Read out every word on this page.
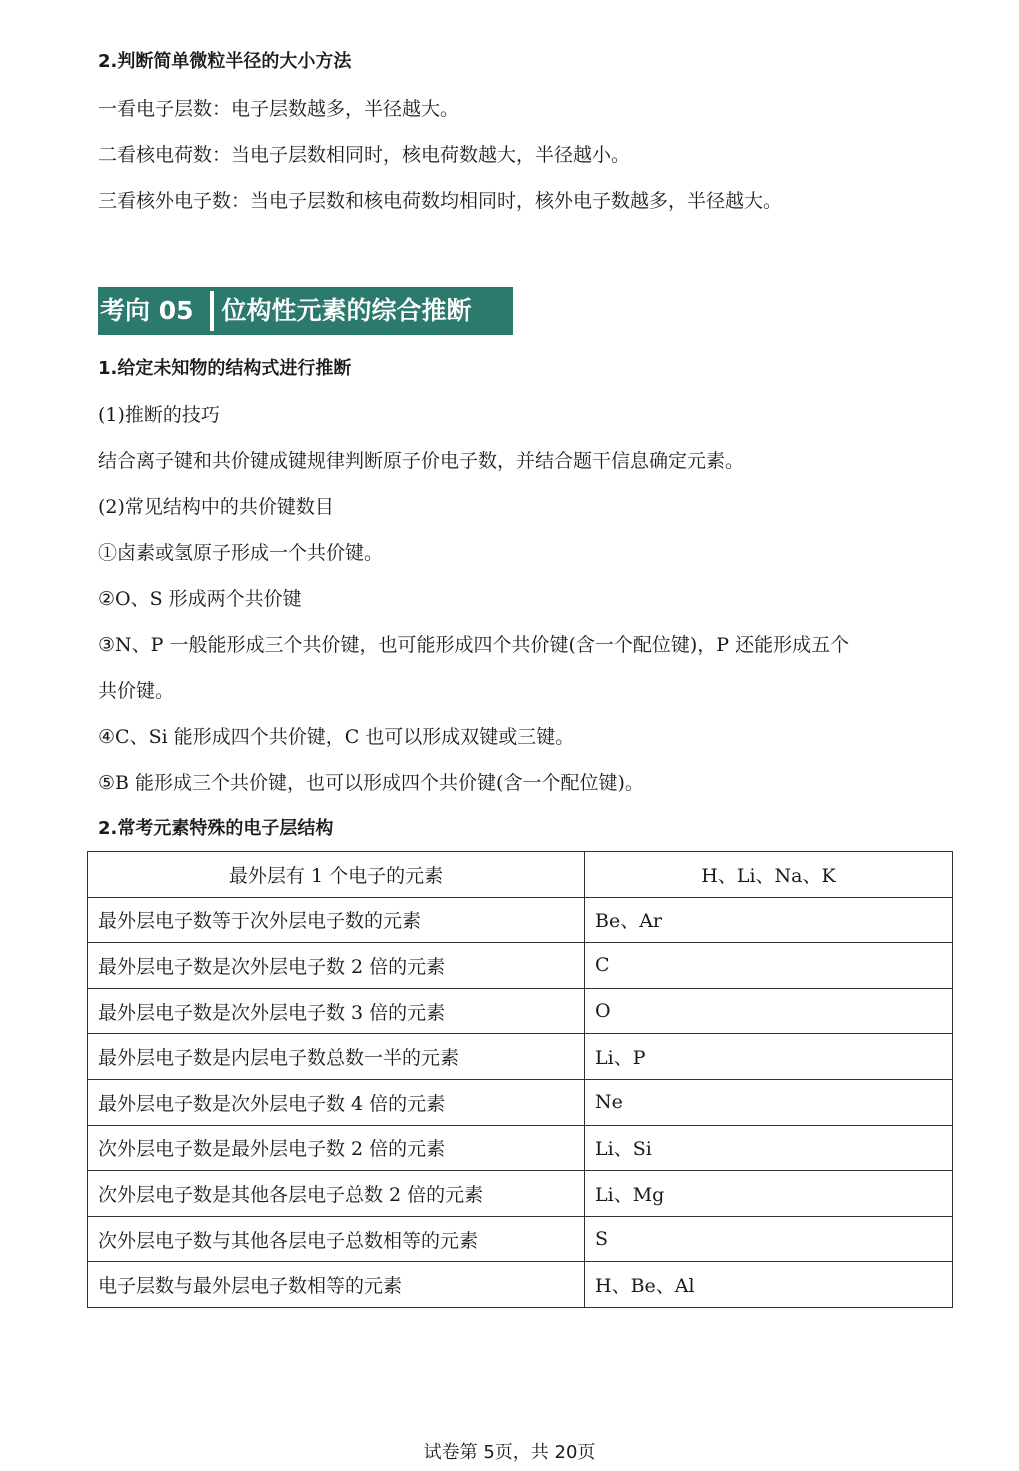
2.判断简单微粒半径的大小方法
一看电子层数：电子层数越多，半径越大。
二看核电荷数：当电子层数相同时，核电荷数越大，半径越小。
三看核外电子数：当电子层数和核电荷数均相同时，核外电子数越多，半径越大。
考向 05 位构性元素的综合推断
1.给定未知物的结构式进行推断
(1)推断的技巧
结合离子键和共价键成键规律判断原子价电子数，并结合题干信息确定元素。
(2)常见结构中的共价键数目
①卤素或氢原子形成一个共价键。
②O、S 形成两个共价键
③N、P 一般能形成三个共价键，也可能形成四个共价键(含一个配位键)，P 还能形成五个
共价键。
④C、Si 能形成四个共价键，C 也可以形成双键或三键。
⑤B 能形成三个共价键，也可以形成四个共价键(含一个配位键)。
2.常考元素特殊的电子层结构
最外层有 1 个电子的元素	H、Li、Na、K
最外层电子数等于次外层电子数的元素	Be、Ar
最外层电子数是次外层电子数 2 倍的元素	C
最外层电子数是次外层电子数 3 倍的元素	O
最外层电子数是内层电子数总数一半的元素	Li、P
最外层电子数是次外层电子数 4 倍的元素	Ne
次外层电子数是最外层电子数 2 倍的元素	Li、Si
次外层电子数是其他各层电子总数 2 倍的元素	Li、Mg
次外层电子数与其他各层电子总数相等的元素	S
电子层数与最外层电子数相等的元素	H、Be、Al
试卷第 5页，共 20页
